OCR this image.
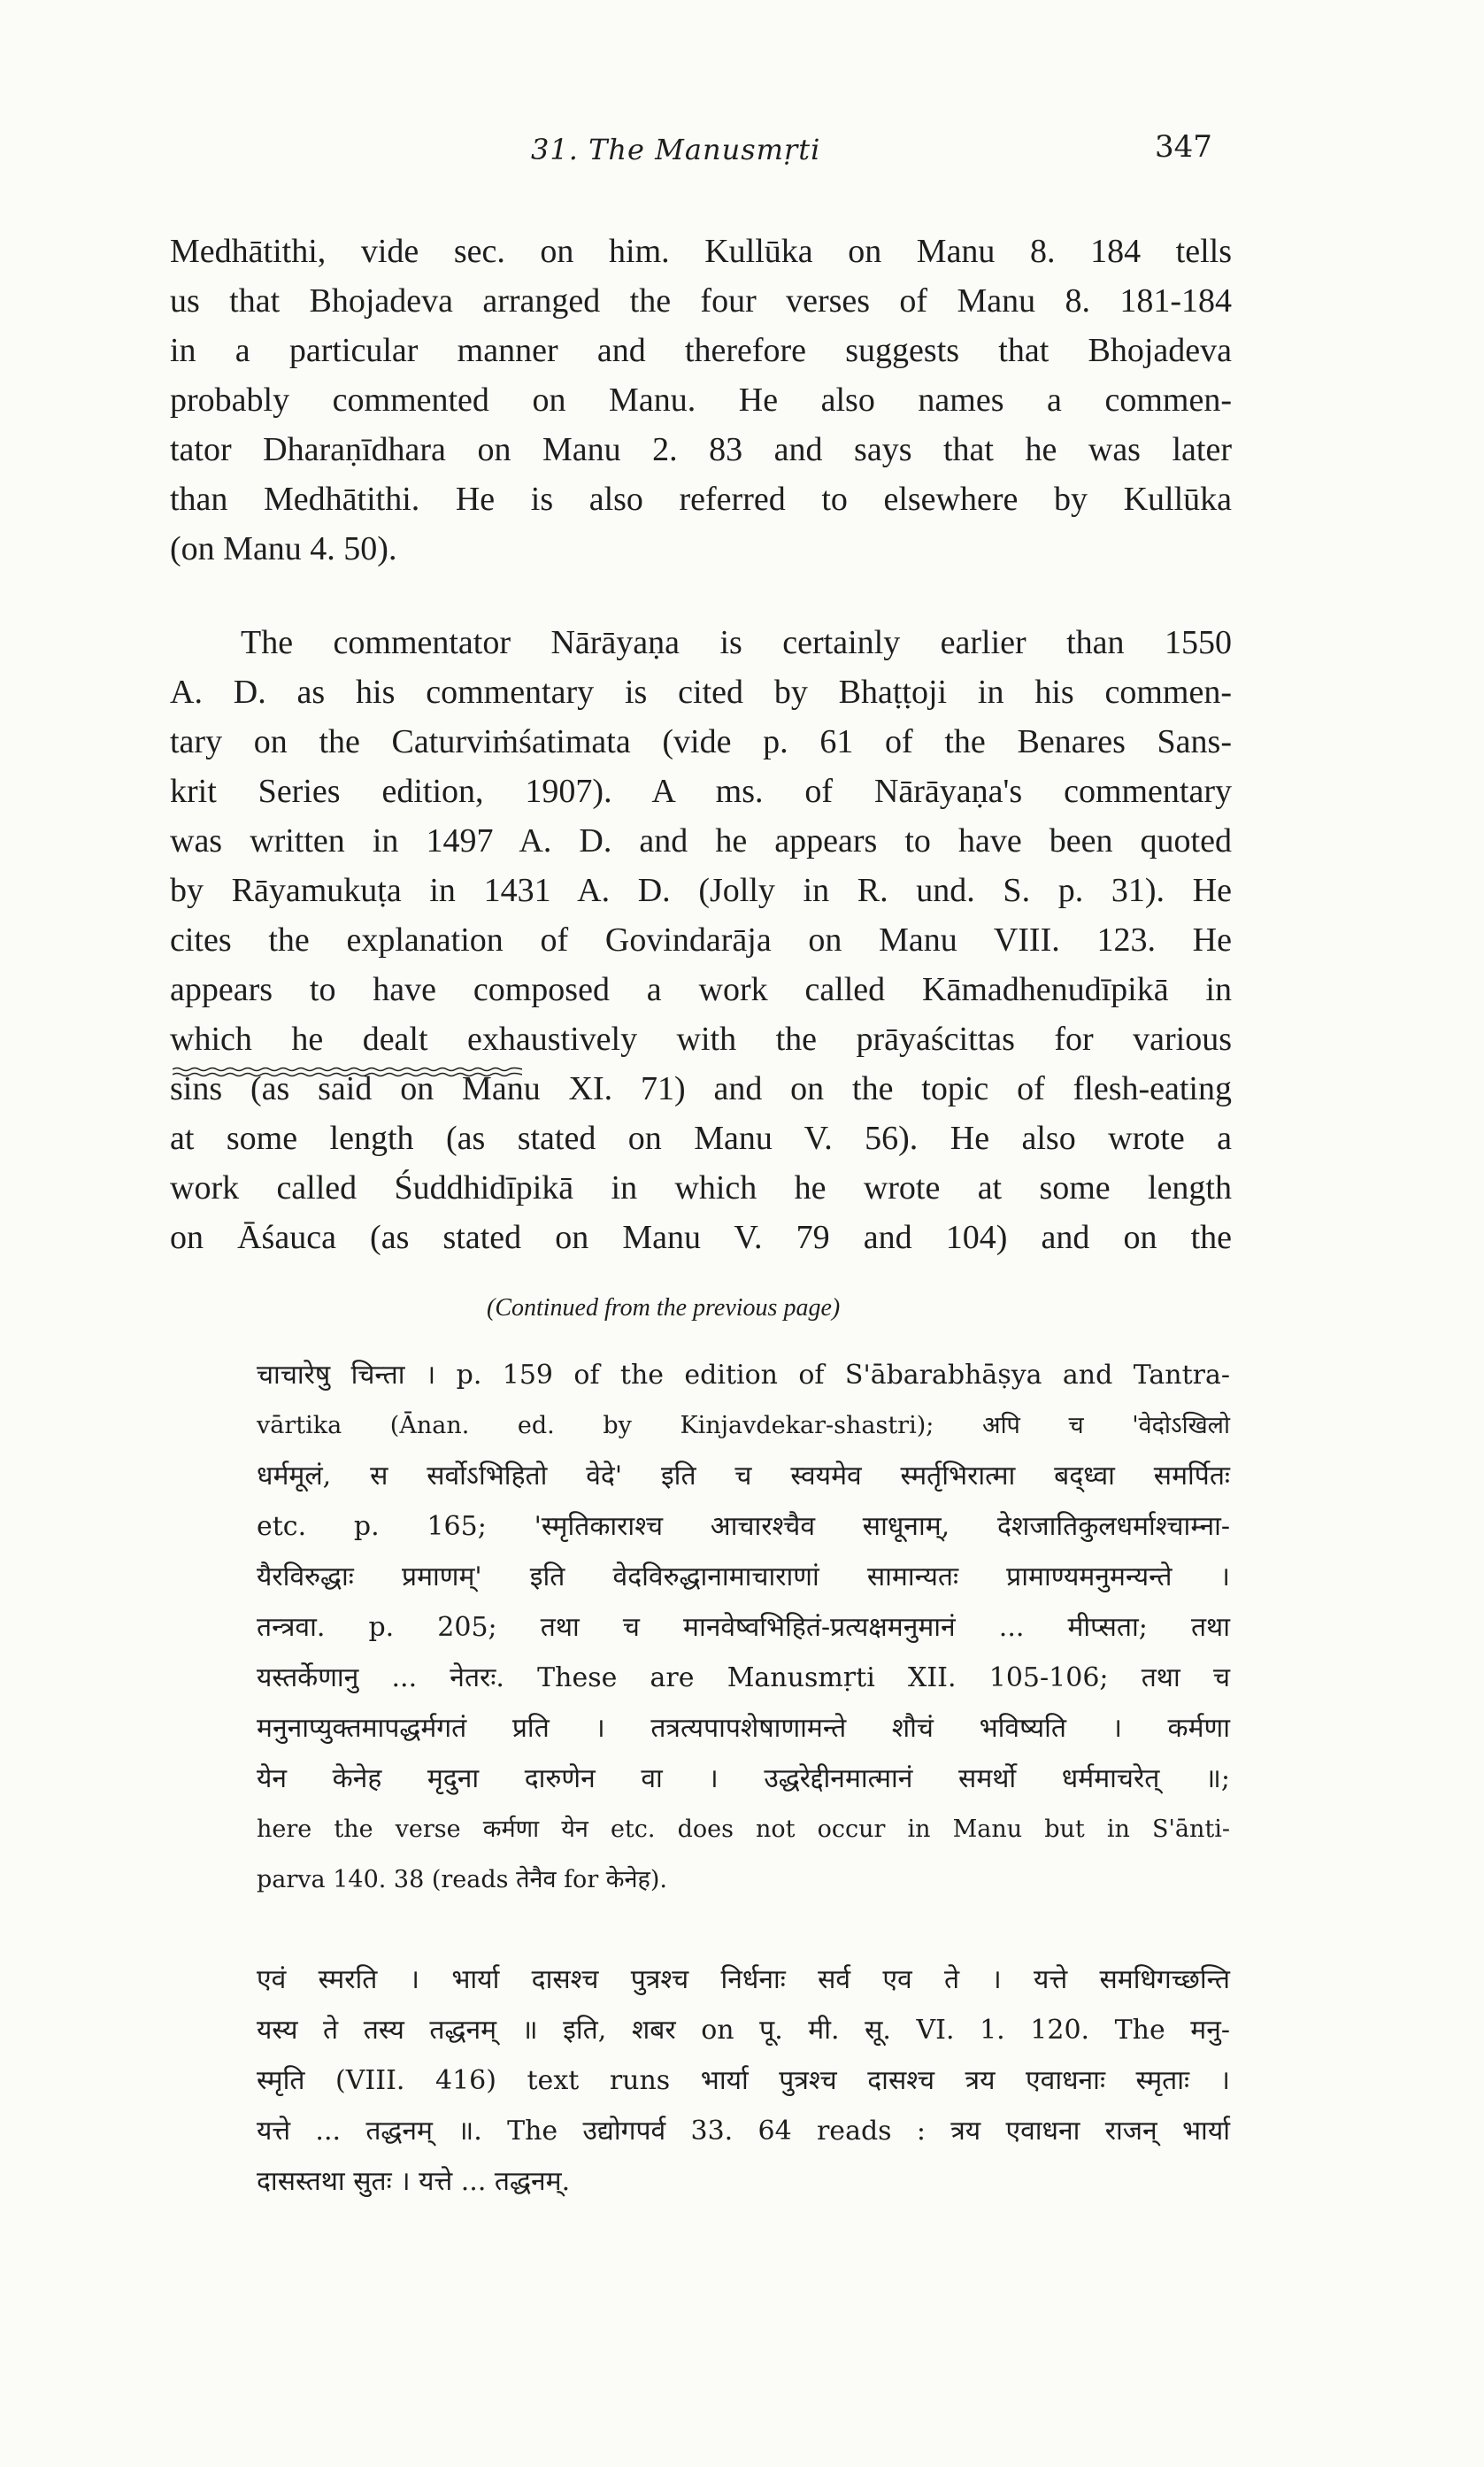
31. The Manusmṛti	347
Medhātithi, vide sec. on him. Kullūka on Manu 8. 184 tells
us that Bhojadeva arranged the four verses of Manu 8. 181-184
in a particular manner and therefore suggests that Bhojadeva
probably commented on Manu. He also names a commen-
tator Dharaṇīdhara on Manu 2. 83 and says that he was later
than Medhātithi. He is also referred to elsewhere by Kullūka
(on Manu 4. 50).
The commentator Nārāyaṇa is certainly earlier than 1550
A. D. as his commentary is cited by Bhaṭṭoji in his commen-
tary on the Caturviṁśatimata (vide p. 61 of the Benares Sans-
krit Series edition, 1907). A ms. of Nārāyaṇa's commentary
was written in 1497 A. D. and he appears to have been quoted
by Rāyamukuṭa in 1431 A. D. (Jolly in R. und. S. p. 31). He
cites the explanation of Govindarāja on Manu VIII. 123. He
appears to have composed a work called Kāmadhenudīpikā in
which he dealt exhaustively with the prāyaścittas for various
sins (as said on Manu XI. 71) and on the topic of flesh-eating
at some length (as stated on Manu V. 56). He also wrote a
work called Śuddhidīpikā in which he wrote at some length
on Āśauca (as stated on Manu V. 79 and 104) and on the
(Continued from the previous page)
चाचारेषु चिन्ता । p. 159 of the edition of S'ābarabhāṣya and Tantra-
vārtika (Ānan. ed. by Kinjavdekar-shastri); अपि च 'वेदोऽखिलो
धर्ममूलं, स सर्वोऽभिहितो वेदे' इति च स्वयमेव स्मर्तृभिरात्मा बद्ध्वा समर्पितः
etc. p. 165; 'स्मृतिकाराश्च आचारश्चैव साधूनाम्, देशजातिकुलधर्माश्चाम्ना-
यैरविरुद्धाः प्रमाणम्' इति वेदविरुद्धानामाचाराणां सामान्यतः प्रामाण्यमनुमन्यन्ते ।
तन्त्रवा. p. 205; तथा च मानवेष्वभिहितं-प्रत्यक्षमनुमानं ... मीप्सता; तथा
यस्तर्केणानु ... नेतरः. These are Manusmṛti XII. 105-106; तथा च
मनुनाप्युक्तमापद्धर्मगतं प्रति । तत्रत्यपापशेषाणामन्ते शौचं भविष्यति । कर्मणा
येन केनेह मृदुना दारुणेन वा । उद्धरेद्दीनमात्मानं समर्थो धर्ममाचरेत् ॥;
here the verse कर्मणा येन etc. does not occur in Manu but in S'ānti-
parva 140. 38 (reads तेनैव for केनेह).
एवं स्मरति । भार्या दासश्च पुत्रश्च निर्धनाः सर्व एव ते । यत्ते समधिगच्छन्ति
यस्य ते तस्य तद्धनम् ॥ इति, शबर on पू. मी. सू. VI. 1. 120. The मनु-
स्मृति (VIII. 416) text runs भार्या पुत्रश्च दासश्च त्रय एवाधनाः स्मृताः ।
यत्ते ... तद्धनम् ॥. The उद्योगपर्व 33. 64 reads : त्रय एवाधना राजन् भार्या
दासस्तथा सुतः । यत्ते ... तद्धनम्.
